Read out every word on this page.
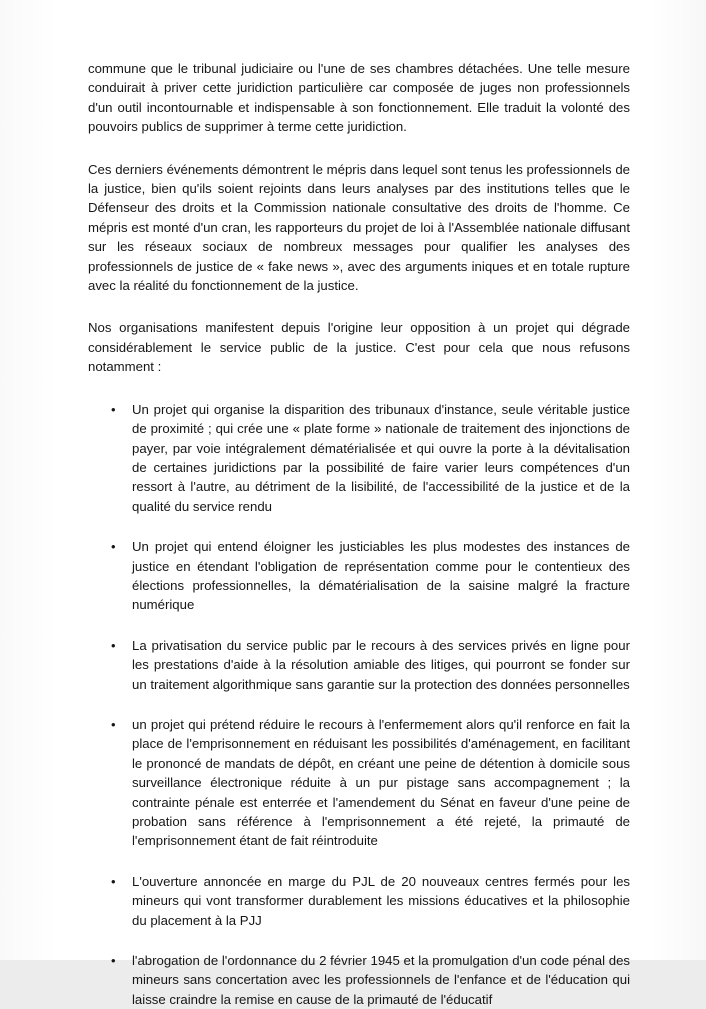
commune que le tribunal judiciaire ou l'une de ses chambres détachées. Une telle mesure conduirait à priver cette juridiction particulière car composée de juges non professionnels d'un outil incontournable et indispensable à son fonctionnement. Elle traduit la volonté des pouvoirs publics de supprimer à terme cette juridiction.

Ces derniers événements démontrent le mépris dans lequel sont tenus les professionnels de la justice, bien qu'ils soient rejoints dans leurs analyses par des institutions telles que le Défenseur des droits et la Commission nationale consultative des droits de l'homme. Ce mépris est monté d'un cran, les rapporteurs du projet de loi à l'Assemblée nationale diffusant sur les réseaux sociaux de nombreux messages pour qualifier les analyses des professionnels de justice de « fake news », avec des arguments iniques et en totale rupture avec la réalité du fonctionnement de la justice.

Nos organisations manifestent depuis l'origine leur opposition à un projet qui dégrade considérablement le service public de la justice. C'est pour cela que nous refusons notamment :

•	Un projet qui organise la disparition des tribunaux d'instance, seule véritable justice de proximité ; qui crée une « plate forme » nationale de traitement des injonctions de payer, par voie intégralement dématérialisée et qui ouvre la porte à la dévitalisation de certaines juridictions par la possibilité de faire varier leurs compétences d'un ressort à l'autre, au détriment de la lisibilité, de l'accessibilité de la justice et de la qualité du service rendu
•	Un projet qui entend éloigner les justiciables les plus modestes des instances de justice en étendant l'obligation de représentation comme pour le contentieux des élections professionnelles, la dématérialisation de la saisine malgré la fracture numérique
•	La privatisation du service public par le recours à des services privés en ligne pour les prestations d'aide à la résolution amiable des litiges, qui pourront se fonder sur un traitement algorithmique sans garantie sur la protection des données personnelles
•	un projet qui prétend réduire le recours à l'enfermement alors qu'il renforce en fait la place de l'emprisonnement en réduisant les possibilités d'aménagement, en facilitant le prononcé de mandats de dépôt, en créant une peine de détention à domicile sous surveillance électronique réduite à un pur pistage sans accompagnement ; la contrainte pénale est enterrée et l'amendement du Sénat en faveur d'une peine de probation sans référence à l'emprisonnement a été rejeté, la primauté de l'emprisonnement étant de fait réintroduite
•	L'ouverture annoncée en marge du PJL de 20 nouveaux centres fermés pour les mineurs qui vont transformer durablement les missions éducatives et la philosophie du placement à la PJJ
•	l'abrogation de l'ordonnance du 2 février 1945 et la promulgation d'un code pénal des mineurs sans concertation avec les professionnels de l'enfance et de l'éducation qui laisse craindre la remise en cause de la primauté de l'éducatif
